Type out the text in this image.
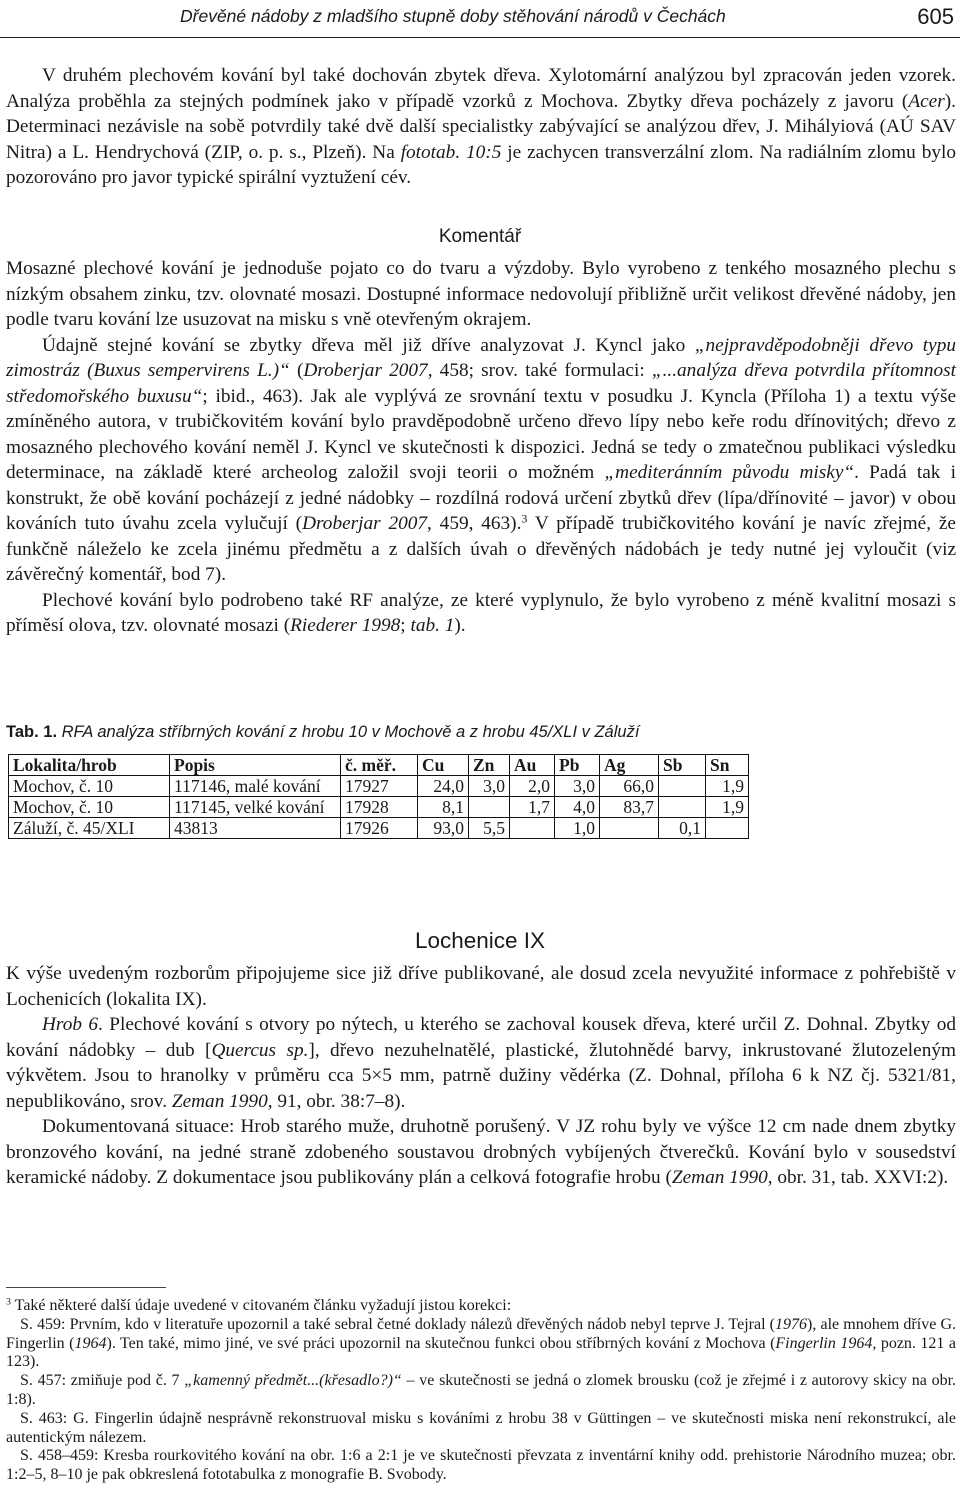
Dřevěné nádoby z mladšího stupně doby stěhování národů v Čechách	605

V druhém plechovém kování byl také dochován zbytek dřeva. Xylotomární analýzou byl zpracován jeden vzorek. Analýza proběhla za stejných podmínek jako v případě vzorků z Mochova. Zbytky dřeva pocházely z javoru (Acer). Determinaci nezávisle na sobě potvrdily také dvě další specialistky zabývající se analýzou dřev, J. Mihályiová (AÚ SAV Nitra) a L. Hendrychová (ZIP, o. p. s., Plzeň). Na fototab. 10:5 je zachycen transverzální zlom. Na radiálním zlomu bylo pozorováno pro javor typické spirální vyztužení cév.

Komentář

Mosazné plechové kování je jednoduše pojato co do tvaru a výzdoby. Bylo vyrobeno z tenkého mosazného plechu s nízkým obsahem zinku, tzv. olovnaté mosazi. Dostupné informace nedovolují přibližně určit velikost dřevěné nádoby, jen podle tvaru kování lze usuzovat na misku s vně otevřeným okrajem.

Údajně stejné kování se zbytky dřeva měl již dříve analyzovat J. Kyncl jako „nejpravděpodobněji dřevo typu zimostráz (Buxus sempervirens L.)“ (Droberjar 2007, 458; srov. také formulaci: „...analýza dřeva potvrdila přítomnost středomořského buxusu“; ibid., 463). Jak ale vyplývá ze srovnání textu v posudku J. Kyncla (Příloha 1) a textu výše zmíněného autora, v trubičkovitém kování bylo pravděpodobně určeno dřevo lípy nebo keře rodu dřínovitých; dřevo z mosazného plechového kování neměl J. Kyncl ve skutečnosti k dispozici. Jedná se tedy o zmatečnou publikaci výsledku determinace, na základě které archeolog založil svoji teorii o možném „mediteránním původu misky“. Padá tak i konstrukt, že obě kování pocházejí z jedné nádobky – rozdílná rodová určení zbytků dřev (lípa/dřínovité – javor) v obou kováních tuto úvahu zcela vylučují (Droberjar 2007, 459, 463).$^3$ V případě trubičkovitého kování je navíc zřejmé, že funkčně náleželo ke zcela jinému předmětu a z dalších úvah o dřevěných nádobách je tedy nutné jej vyloučit (viz závěrečný komentář, bod 7).

Plechové kování bylo podrobeno také RF analýze, ze které vyplynulo, že bylo vyrobeno z méně kvalitní mosazi s příměsí olova, tzv. olovnaté mosazi (Riederer 1998; tab. 1).

Tab. 1. RFA analýza stříbrných kování z hrobu 10 v Mochově a z hrobu 45/XLI v Záluží
Lokalita/hrob	Popis	č. měř.	Cu	Zn	Au	Pb	Ag	Sb	Sn
Mochov, č. 10	117146, malé kování	17927	24,0	3,0	2,0	3,0	66,0		1,9
Mochov, č. 10	117145, velké kování	17928	8,1		1,7	4,0	83,7		1,9
Záluží, č. 45/XLI	43813	17926	93,0	5,5		1,0		0,1	
Lochenice IX

K výše uvedeným rozborům připojujeme sice již dříve publikované, ale dosud zcela nevyužité informace z pohřebiště v Lochenicích (lokalita IX).

Hrob 6. Plechové kování s otvory po nýtech, u kterého se zachoval kousek dřeva, které určil Z. Dohnal. Zbytky od kování nádobky – dub [Quercus sp.], dřevo nezuhelnatělé, plastické, žlutohnědé barvy, inkrustované žlutozeleným výkvětem. Jsou to hranolky v průměru cca 5×5 mm, patrně dužiny vědérka (Z. Dohnal, příloha 6 k NZ čj. 5321/81, nepublikováno, srov. Zeman 1990, 91, obr. 38:7–8).

Dokumentovaná situace: Hrob starého muže, druhotně porušený. V JZ rohu byly ve výšce 12 cm nade dnem zbytky bronzového kování, na jedné straně zdobeného soustavou drobných vybíjených čtverečků. Kování bylo v sousedství keramické nádoby. Z dokumentace jsou publikovány plán a celková fotografie hrobu (Zeman 1990, obr. 31, tab. XXVI:2).

$^3$ Také některé další údaje uvedené v citovaném článku vyžadují jistou korekci:

S. 459: Prvním, kdo v literatuře upozornil a také sebral četné doklady nálezů dřevěných nádob nebyl teprve J. Tejral (1976), ale mnohem dříve G. Fingerlin (1964). Ten také, mimo jiné, ve své práci upozornil na skutečnou funkci obou stříbrných kování z Mochova (Fingerlin 1964, pozn. 121 a 123).

S. 457: zmiňuje pod č. 7 „kamenný předmět...(křesadlo?)“ – ve skutečnosti se jedná o zlomek brousku (což je zřejmé i z autorovy skicy na obr. 1:8).

S. 463: G. Fingerlin údajně nesprávně rekonstruoval misku s kováními z hrobu 38 v Güttingen – ve skutečnosti miska není rekonstrukcí, ale autentickým nálezem.

S. 458–459: Kresba rourkovitého kování na obr. 1:6 a 2:1 je ve skutečnosti převzata z inventární knihy odd. prehistorie Národního muzea; obr. 1:2–5, 8–10 je pak obkreslená fototabulka z monografie B. Svobody.
